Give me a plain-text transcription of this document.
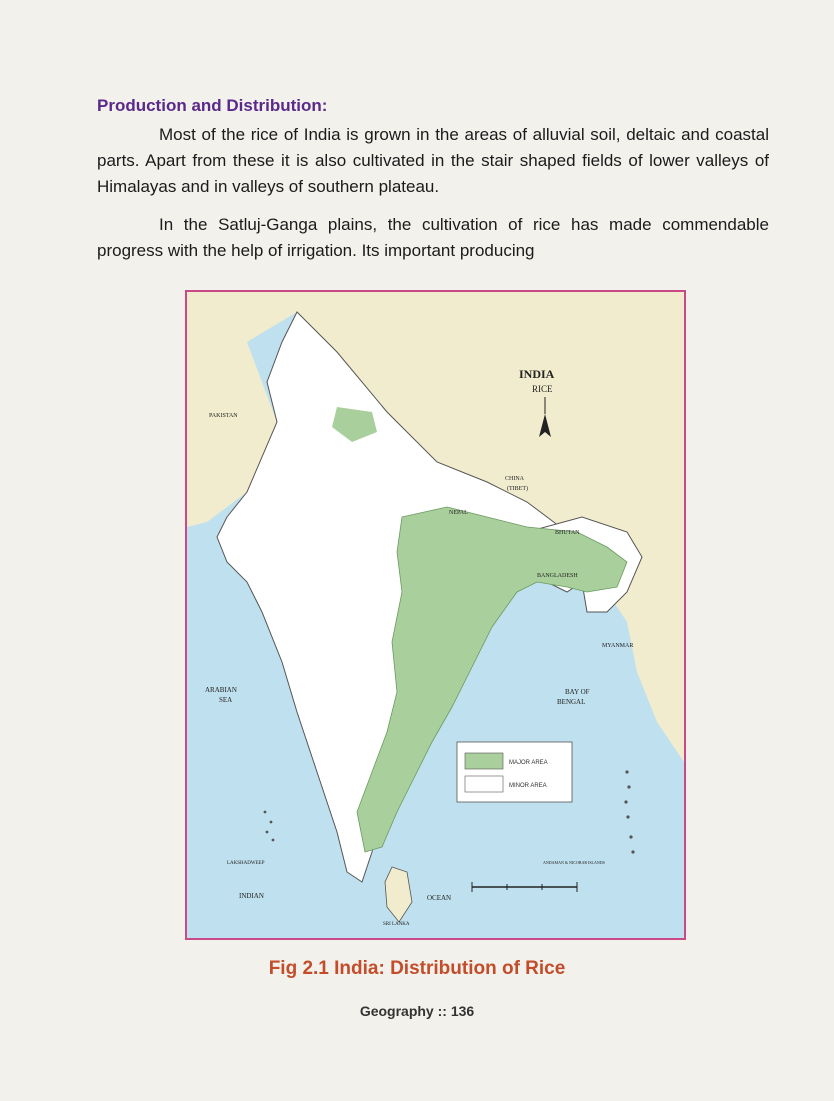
Production and Distribution:

Most of the rice of India is grown in the areas of alluvial soil, deltaic and coastal parts. Apart from these it is also cultivated in the stair shaped fields of lower valleys of Himalayas and in valleys of southern plateau.

In the Satluj-Ganga plains, the cultivation of rice has made commendable progress with the help of irrigation. Its important producing

INDIA
RICE
PAKISTAN
CHINA
(TIBET)
NEPAL
BHUTAN
BANGLADESH
MYANMAR
ARABIAN
SEA
BAY OF
BENGAL
LAKSHADWEEP
INDIAN	OCEAN
SRI LANKA
ANDAMAN & NICOBAR ISLANDS
MAJOR AREA
MINOR AREA
Fig 2.1 India: Distribution of Rice
Geography :: 136
